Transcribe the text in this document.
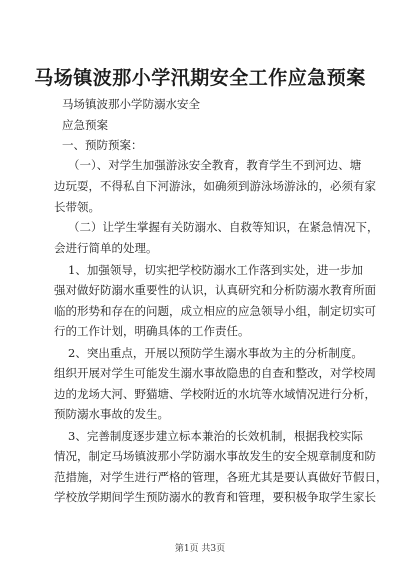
马场镇波那小学汛期安全工作应急预案
马场镇波那小学防溺水安全
应急预案
一、预防预案：
（一）、对学生加强游泳安全教育，教育学生不到河边、塘
边玩耍，不得私自下河游泳，如确须到游泳场游泳的，必须有家
长带领。
（二）让学生掌握有关防溺水、自救等知识，在紧急情况下，
会进行简单的处理。
1、加强领导，切实把学校防溺水工作落到实处，进一步加
强对做好防溺水重要性的认识，认真研究和分析防溺水教育所面
临的形势和存在的问题，成立相应的应急领导小组，制定切实可
行的工作计划，明确具体的工作责任。
2、突出重点，开展以预防学生溺水事故为主的分析制度。
组织开展对学生可能发生溺水事故隐患的自查和整改，对学校周
边的龙场大河、野猫塘、学校附近的水坑等水域情况进行分析，
预防溺水事故的发生。
3、完善制度逐步建立标本兼治的长效机制，根据我校实际
情况，制定马场镇波那小学防溺水事故发生的安全规章制度和防
范措施，对学生进行严格的管理，各班尤其是要认真做好节假日，
学校放学期间学生预防溺水的教育和管理，要积极争取学生家长
第1页 共3页
